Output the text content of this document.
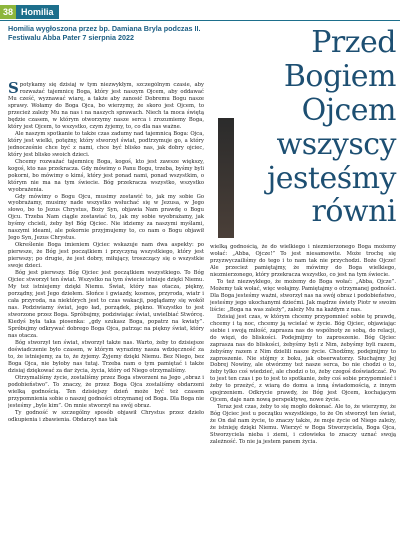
38 Homilia
Homilia wygłoszona przez bp. Damiana Bryla podczas II. Festiwalu Abba Pater 7 sierpnia 2022	Przed
Bogiem
Ojcem
wszyscy
jesteśmy
równi

Spotykamy się dzisiaj w tym niezwykłym, szczególnym czasie, aby rozważać tajemnicę Boga, który jest naszym Ojcem, aby oddawać Mu cześć, wyznawać wiarę, a także aby zanosić Dobremu Bogu nasze sprawy. Wołamy do Boga Ojca, bo wierzymy, że skoro jest Ojcem, to przecież zależy Mu na nas i na naszych sprawach. Niech ta moca świętą będzie czasem, w którym otworzymy nasze serca i zrozumiemy Boga, który jest Ojcem, to wszystko, czym żyjemy, to, co dla nas ważne.

Ale naszym spotkanie to także czas zadumy nad tajemnicą Boga: Ojca, który jest wielki, potężny, który stworzył świat, podtrzymuje go, a który jednocześnie chce być z nami, chce być blisko nas, jak dobry ojciec, który jest blisko swoich dzieci.

Chcemy rozważać tajemnicę Boga, kogoś, kto jest zawsze większy, kogoś, kto nas przekracza. Gdy mówimy o Panu Bogu, trzeba, byśmy byli pokorni, bo mówimy o kimś, który jest ponad nami, ponad wszystkim, o którym nie ma na tym świecie. Bóg przekracza wszystko, wszystko wyobrażenia.

Gdy mówimy o Bogu Ojcu, musimy zostawić to, jak my sobie Go wyobrażamy, musimy nade wszystko wsłuchać się w Jezusa, w Jego słowo, bo to Jezus Chrystus, Boży Syn, objawia Nam prawdę o Bogu Ojcu. Trzeba Nam ciągle zostawiać to, jak my sobie wyobrażamy, jak byśmy chcieli, żeby był Bóg Ojciec. Nie idziemy za naszymi myślami, naszymi ideami, ale pokornie przyjmujemy to, co nam o Bogu objawił Jego Syn, Jezus Chrystus.

Określenie Boga imieniem Ojciec wskazuje nam dwa aspekty: po pierwsze, że Bóg jest początkiem i przyczyną wszystkiego, który jest pierwszy; po drugie, że jest dobry, miłujący, troszczący się o wszystkie swoje dzieci.

Bóg jest pierwszy. Bóg Ojciec jest początkiem wszystkiego. To Bóg Ojciec stworzył ten świat. Wszystko na tym świecie istnieje dzięki Niemu. My też istniejemy dzięki Niemu. Świat, który nas otacza, piękny, porządny, jest Jego dziełem. Słońce i gwiazdy, kosmos, przyroda, wiatr i cała przyroda, na niektórych jest to czas wakacji, poglądamy się wokół nas. Podziwiamy świat, jego ład, porządek, piękno. Wszystko to jest stworzone przez Boga. Spróbujmy, podziwiając świat, uwielbiać Stwórcę. Kiedyś była taka piosenka: „gdy szukasz Boga, popatrz na kwiaty”. Spróbujmy odkrywać dobrego Boga Ojca, patrząc na piękny świat, który nas otacza.

Bóg stworzył ten świat, stworzył także nas. Warto, żeby to dzisiejsze doświadczenie było czasem, w którym wyrazimy nasza wdzięczność za to, że istniejemy, za to, że żyjemy. Żyjemy dzięki Niemu. Bez Niego, bez Boga Ojca, nie byłoby nas tutaj. Trzeba nam o tym pamiętać i także dzisiaj dziękować za dar życia, życia, który od Niego otrzymaliśmy.

Otrzymaliśmy życie, zostaliśmy przez Boga stworzeni na Jego „obraz i podobieństwo”. To znaczy, że przez Boga Ojca zostaliśmy obdarzeni wielką godnością. Ten dzisiejszy dzień może być też czasem przypomnienia sobie o naszej godności otrzymanej od Boga. Dla Boga nie jesteśmy „byle kim”. On mnie stworzył na swój obraz.

Ty godność w szczególny sposób objawił Chrystus przez dzieło odkupienia i zbawienia. Obdarzył nas tak

wielką godnością, że do wielkiego i niezmierzonego Boga możemy wołać: „Abba, Ojcze!” To jest niesamowite. Może trochę się przyzwyczailiśmy do tego i to nam tak nie przychodzi. Boże Ojcze! Ale przecież pamiętajmy, że mówimy do Boga wielkiego, niezmierzonego, który przekracza wszystko, co jest na tym świecie.

To też niezwykłego, że możemy do Boga wołać: „Abba, Ojcze”. Możemy tak wołać, więc wołajmy. Pamiętajmy o otrzymanej godności. Dla Boga jesteśmy ważni, stworzył nas na swój obraz i podobieństwo, jesteśmy jego ukochanymi dziećmi. Jak mądrze świety Piotr w swoim liście: „Boga na was zależy”, zależy Mu na każdym z nas.

Dzisiaj jest czas, w którym chcemy przypomnieć sobie tę prawdę, chcemy i tą noc, chcemy ją wcielać w życie. Bóg Ojciec, objawiając siebie i swoją miłość, zaprasza nas do wspólnoty ze sobą, do relacji, do więzi, do bliskości. Podejmijmy to zaproszenie. Bóg Ojciec zaprasza nas do bliskości, żebyśmy byli z Nim, żebyśmy byli razem, żebyśmy razem z Nim dzielili nasze życie. Chodźmy, podejmijmy to zaproszenie. Nie stójmy z boku, jak obserwatorzy. Słuchajmy Jej Dobrej Nowiny, ale otwórzmy też nasze serca, bo nie chodzi o to, żeby tylko coś wiedzieć, ale chodzi o to, żeby czegoś doświadczać. Po to jest ten czas i po to jest to spotkanie, żeby coś sobie przypomnieć i żeby to przeżyć, z wiarą do domu a inną świadomością, z innym spojrzeniem. Odkrycie prawdy, że Bóg jest Ojcem, kochającym Ojcem, daje nam nową perspektywę, nowe życie.

Teraz jest czas, żeby to się mogło dokonać. Ale to, że wierzymy, że Bóg Ojciec jest u początku wszystkiego, to że On stworzył ten świat, że On dał nam życie, to znaczy także, że moje życie od Niego zależy, że istnieję dzięki Niemu. Wierzyć w Boga Stworzyciela, Boga Ojca, Stworzyciela nieba i ziemi, i człowieka to znaczy uznać swoją zależność. To nie ja jestem panem życia.
